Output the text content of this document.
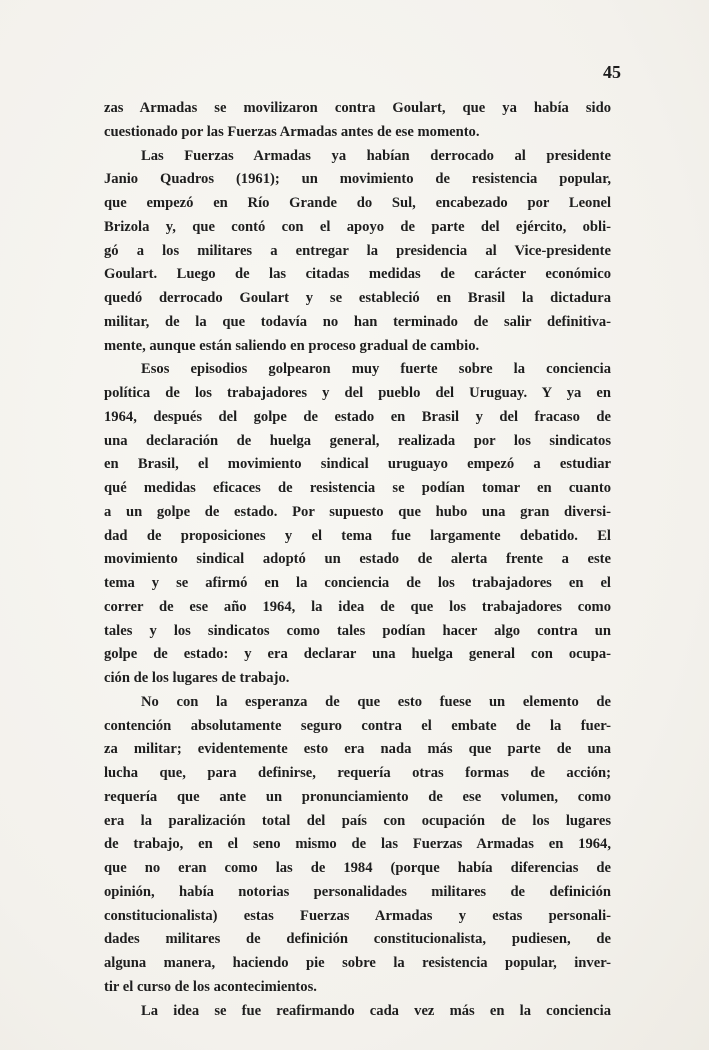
45
zas Armadas se movilizaron contra Goulart, que ya había sido
cuestionado por las Fuerzas Armadas antes de ese momento.
Las Fuerzas Armadas ya habían derrocado al presidente
Janio Quadros (1961); un movimiento de resistencia popular,
que empezó en Río Grande do Sul, encabezado por Leonel
Brizola y, que contó con el apoyo de parte del ejército, obli-
gó a los militares a entregar la presidencia al Vice-presidente
Goulart. Luego de las citadas medidas de carácter económico
quedó derrocado Goulart y se estableció en Brasil la dictadura
militar, de la que todavía no han terminado de salir definitiva-
mente, aunque están saliendo en proceso gradual de cambio.
Esos episodios golpearon muy fuerte sobre la conciencia
política de los trabajadores y del pueblo del Uruguay. Y ya en
1964, después del golpe de estado en Brasil y del fracaso de
una declaración de huelga general, realizada por los sindicatos
en Brasil, el movimiento sindical uruguayo empezó a estudiar
qué medidas eficaces de resistencia se podían tomar en cuanto
a un golpe de estado. Por supuesto que hubo una gran diversi-
dad de proposiciones y el tema fue largamente debatido. El
movimiento sindical adoptó un estado de alerta frente a este
tema y se afirmó en la conciencia de los trabajadores en el
correr de ese año 1964, la idea de que los trabajadores como
tales y los sindicatos como tales podían hacer algo contra un
golpe de estado: y era declarar una huelga general con ocupa-
ción de los lugares de trabajo.
No con la esperanza de que esto fuese un elemento de
contención absolutamente seguro contra el embate de la fuer-
za militar; evidentemente esto era nada más que parte de una
lucha que, para definirse, requería otras formas de acción;
requería que ante un pronunciamiento de ese volumen, como
era la paralización total del país con ocupación de los lugares
de trabajo, en el seno mismo de las Fuerzas Armadas en 1964,
que no eran como las de 1984 (porque había diferencias de
opinión, había notorias personalidades militares de definición
constitucionalista) estas Fuerzas Armadas y estas personali-
dades militares de definición constitucionalista, pudiesen, de
alguna manera, haciendo pie sobre la resistencia popular, inver-
tir el curso de los acontecimientos.
La idea se fue reafirmando cada vez más en la conciencia
